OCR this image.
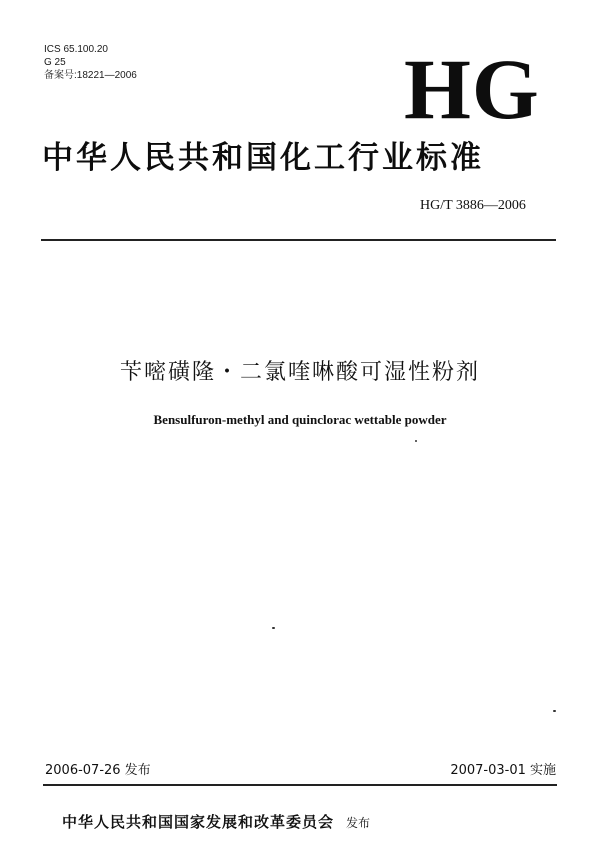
ICS 65.100.20
G 25
备案号:18221—2006	HG
中华人民共和国化工行业标准
HG/T 3886—2006
苄嘧磺隆・二氯喹啉酸可湿性粉剂
Bensulfuron-methyl and quinclorac wettable powder
2006-07-26 发布	2007-03-01 实施
中华人民共和国国家发展和改革委员会 发布
